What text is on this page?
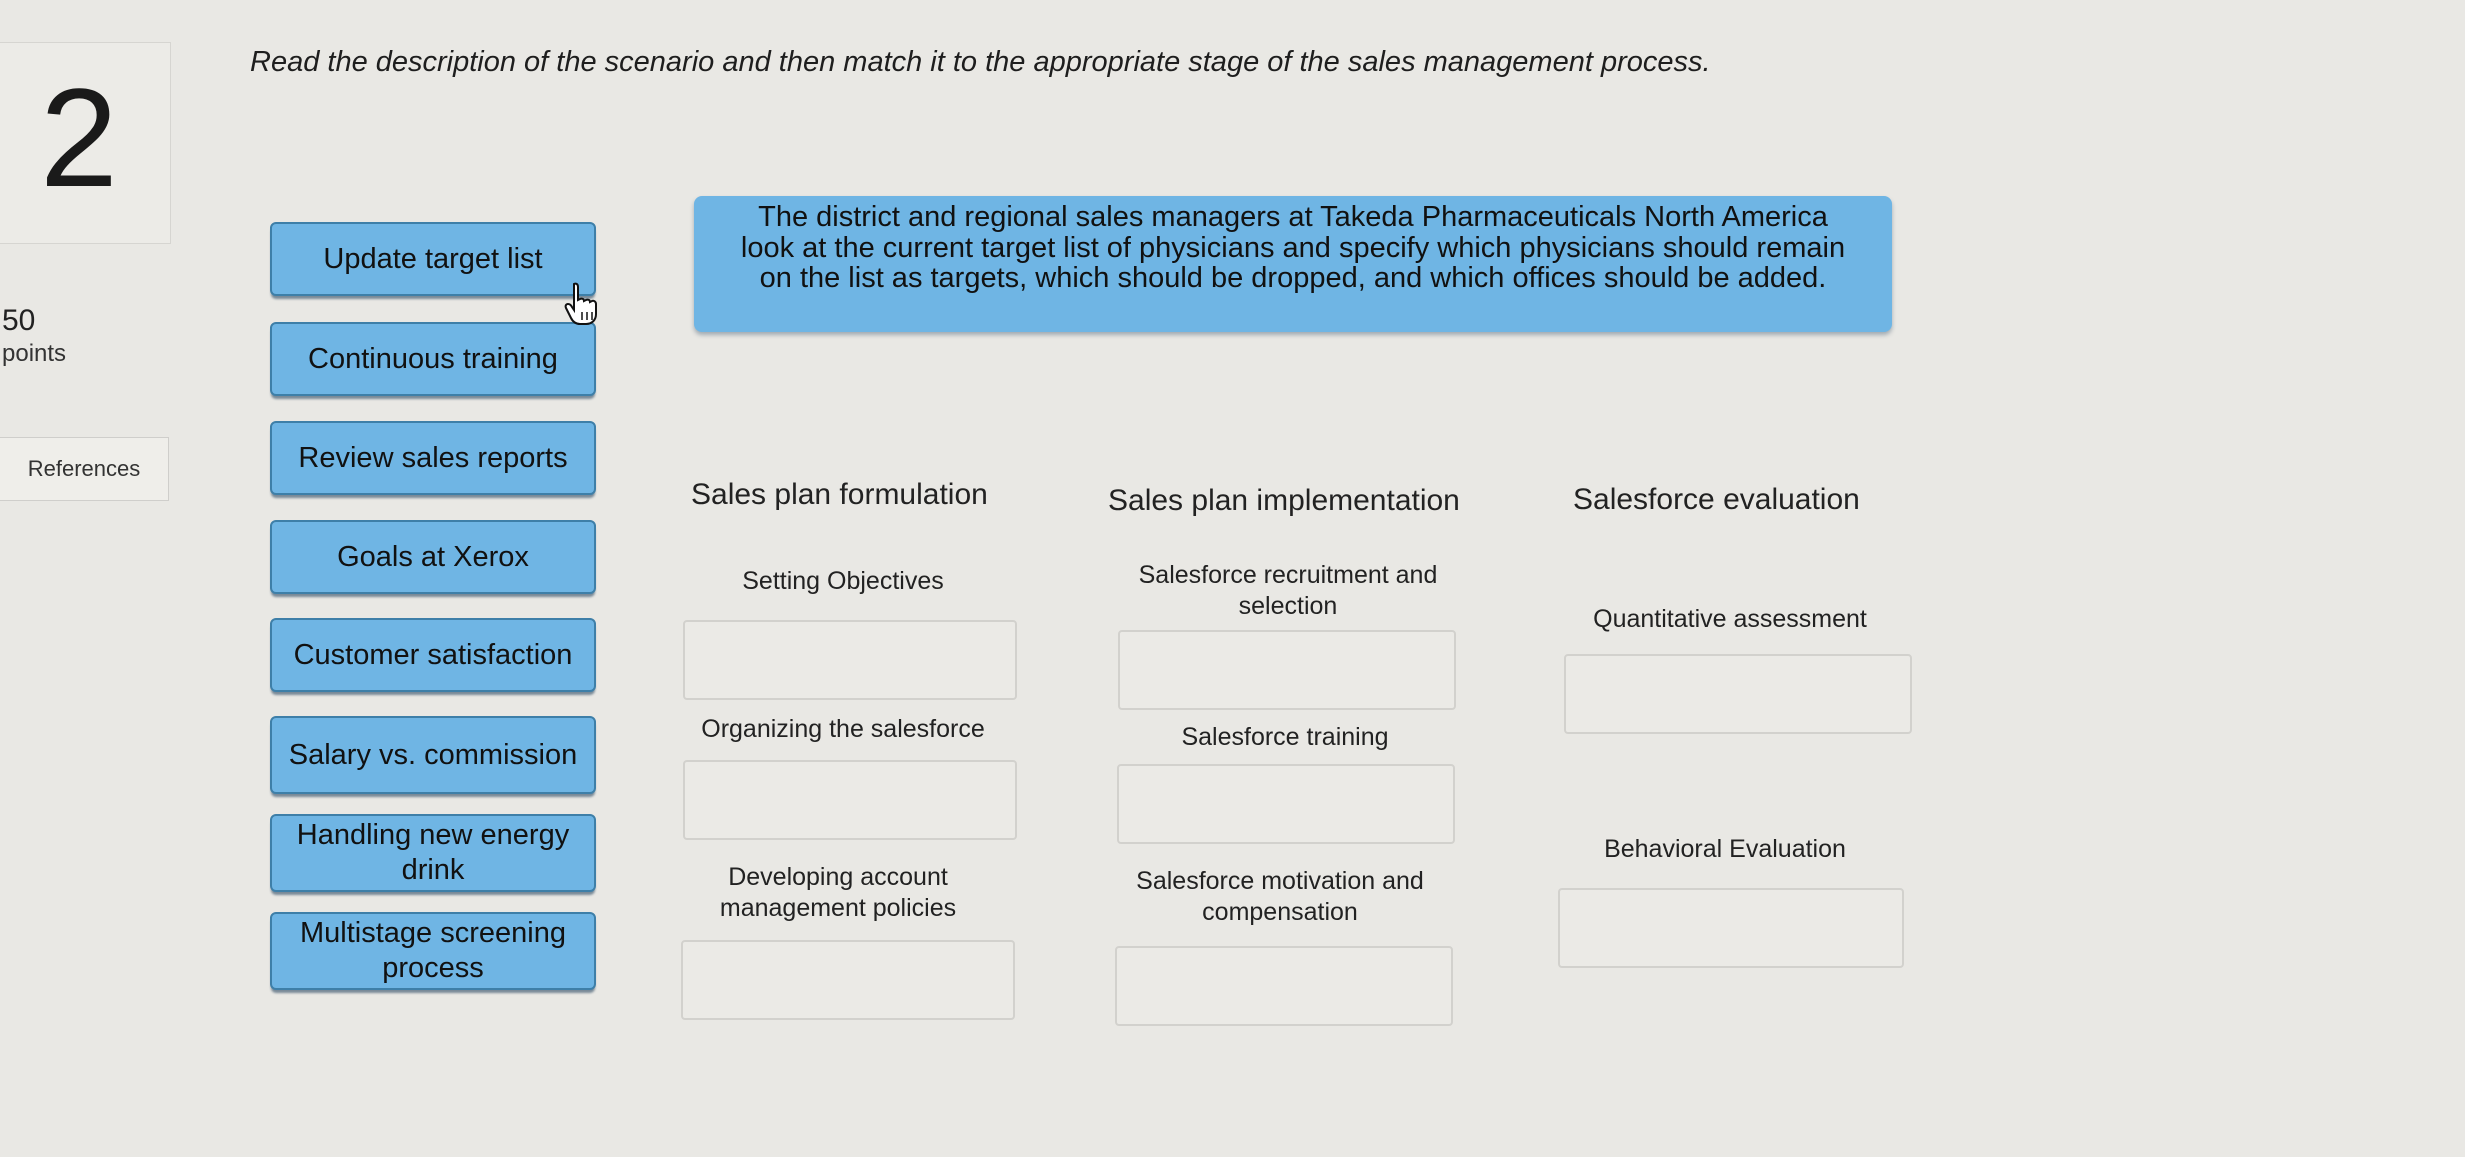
2
50
points
References
Read the description of the scenario and then match it to the appropriate stage of the sales management process.
Update target list
Continuous training
Review sales reports
Goals at Xerox
Customer satisfaction
Salary vs. commission
Handling new energy drink
Multistage screening process
The district and regional sales managers at Takeda Pharmaceuticals North America look at the current target list of physicians and specify which physicians should remain on the list as targets, which should be dropped, and which offices should be added.
Sales plan formulation	Sales plan implementation	Salesforce evaluation
Setting Objectives
Organizing the salesforce
Developing account management policies
Salesforce recruitment and selection
Salesforce training
Salesforce motivation and compensation
Quantitative assessment
Behavioral Evaluation
